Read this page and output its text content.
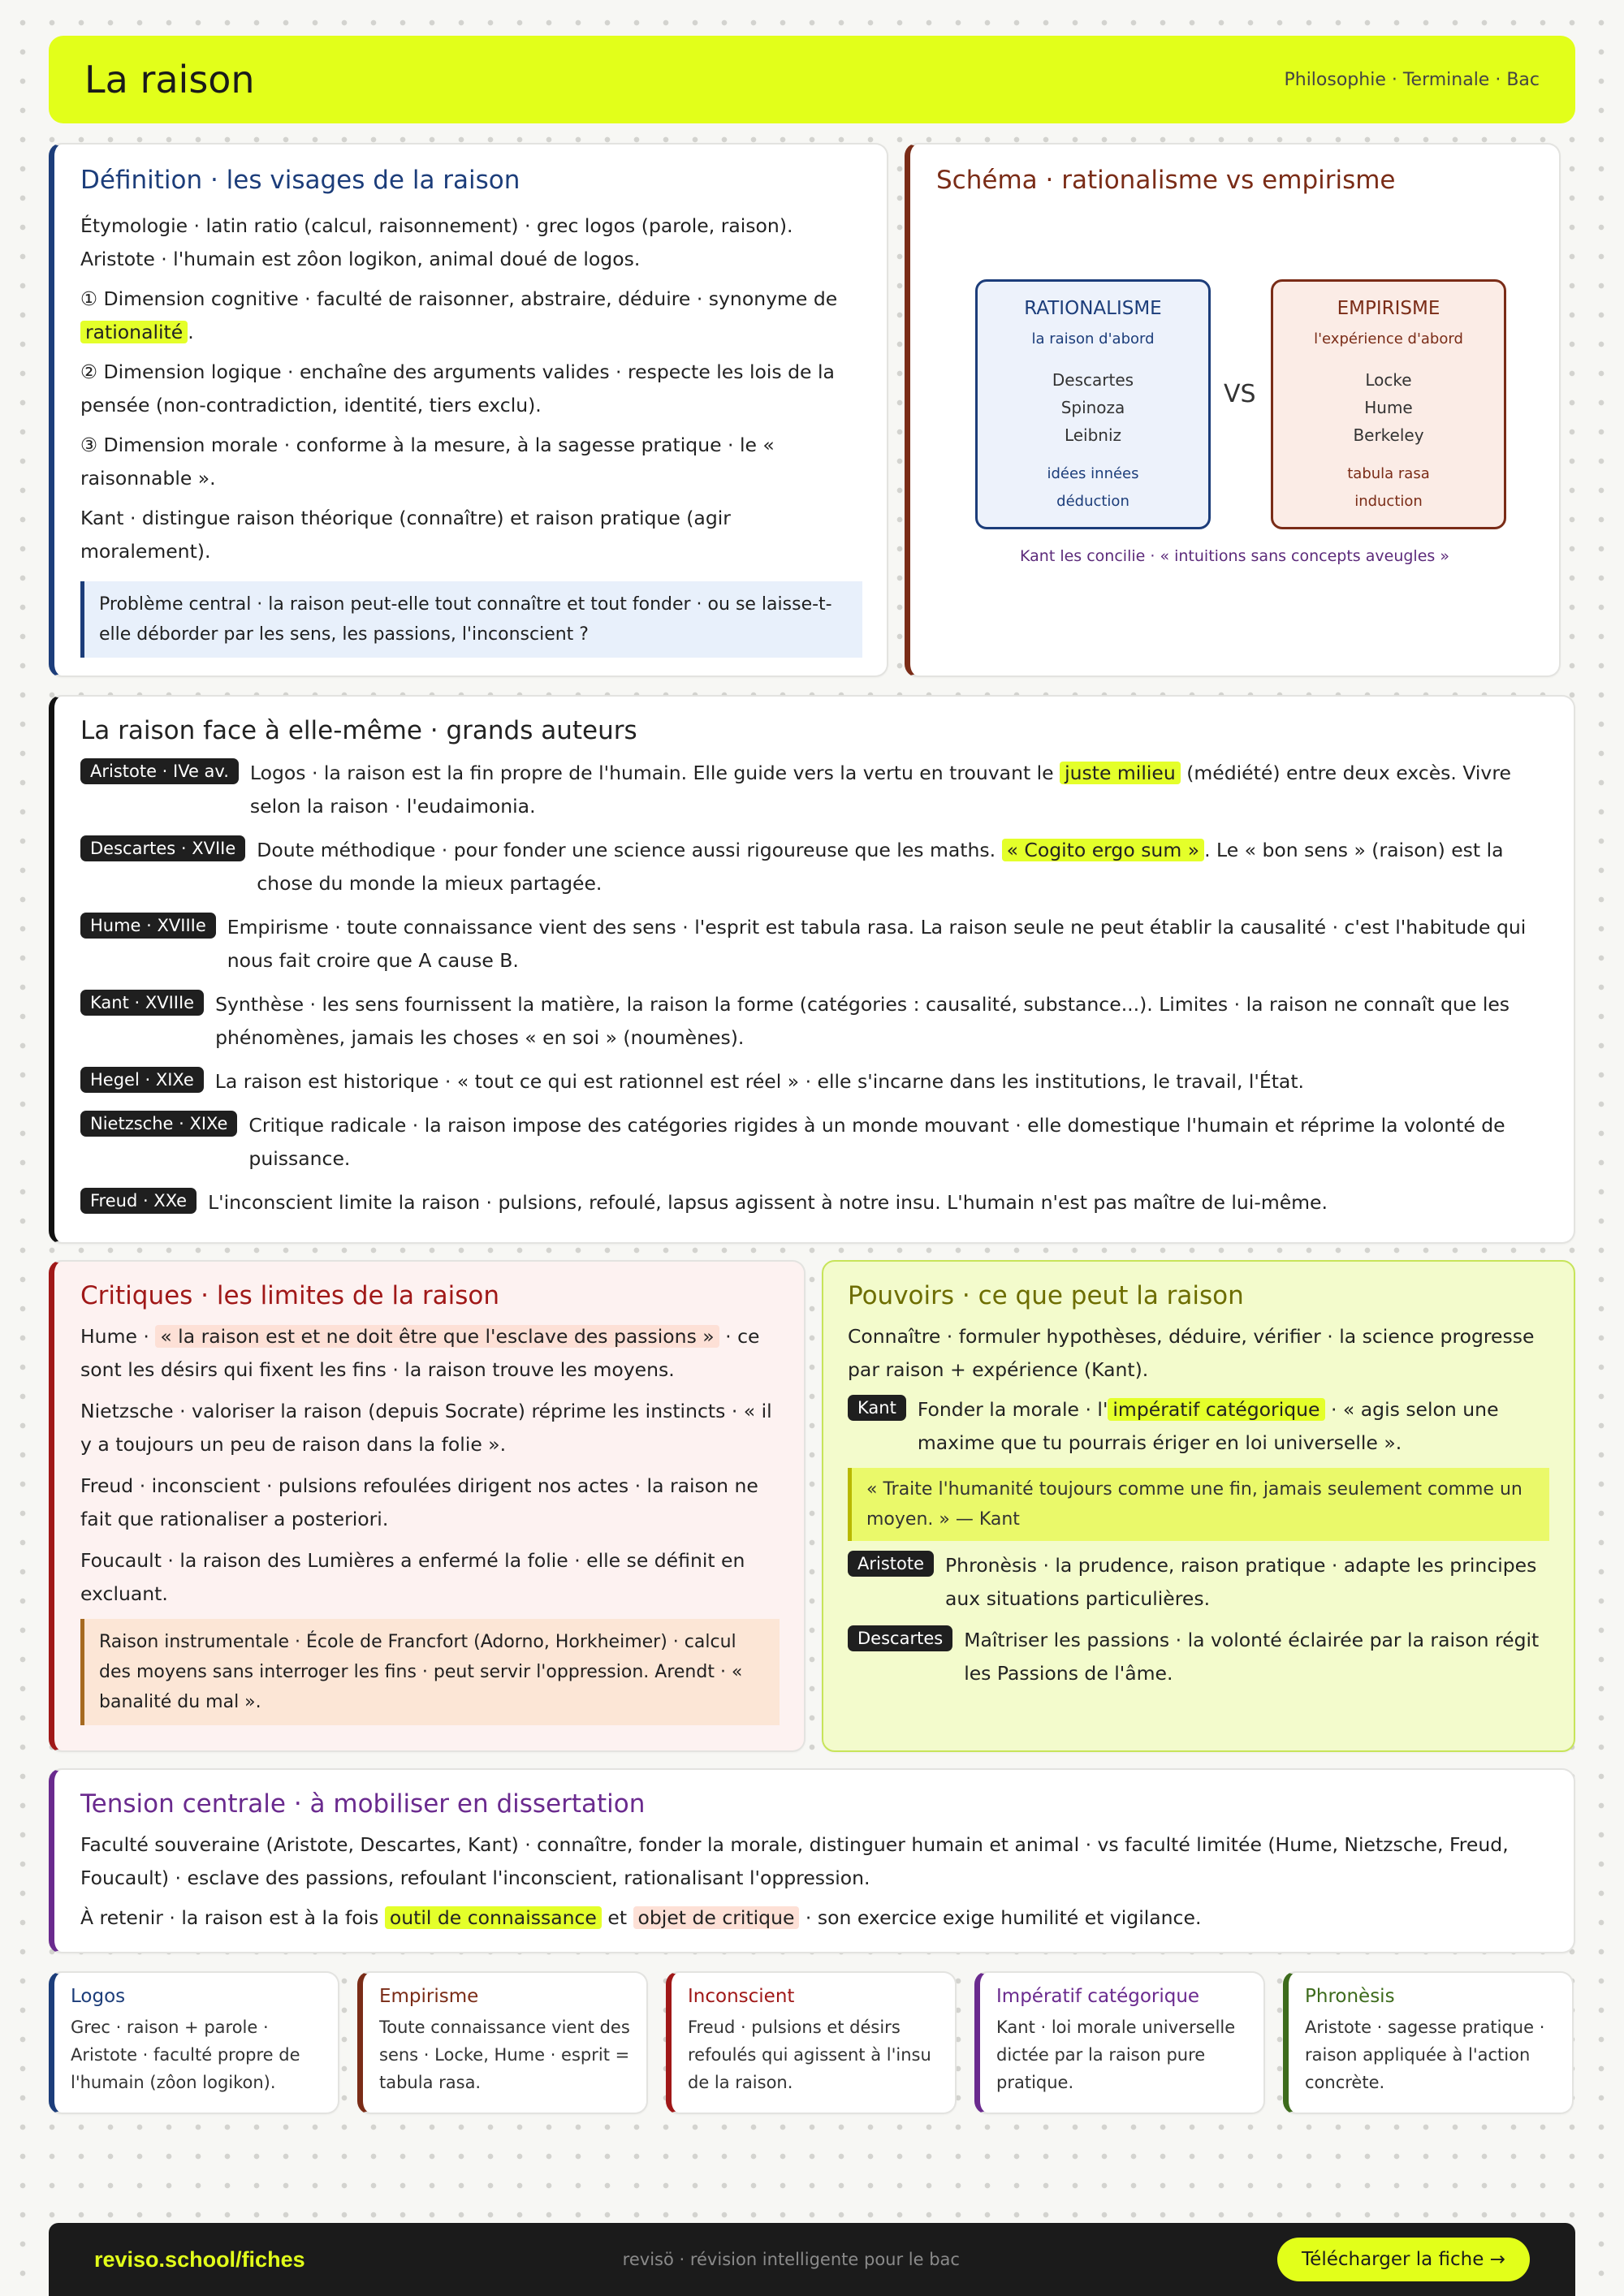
La raison	Philosophie · Terminale · Bac
Définition · les visages de la raison

Étymologie · latin ratio (calcul, raisonnement) · grec logos (parole, raison).

Aristote · l'humain est zôon logikon, animal doué de logos.

① Dimension cognitive · faculté de raisonner, abstraire, déduire · synonyme de rationalité .

② Dimension logique · enchaîne des arguments valides · respecte les lois de la pensée (non-contradiction, identité, tiers exclu).

③ Dimension morale · conforme à la mesure, à la sagesse pratique · le « raisonnable ».

Kant · distingue raison théorique (connaître) et raison pratique (agir moralement).

Problème central · la raison peut-elle tout connaître et tout fonder · ou se laisse-t-elle déborder par les sens, les passions, l'inconscient ?
Schéma · rationalisme vs empirisme
RATIONALISME
la raison d'abord
Descartes
Spinoza
Leibniz
idées innées
déduction
VS
EMPIRISME
l'expérience d'abord
Locke
Hume
Berkeley
tabula rasa
induction
Kant les concilie · « intuitions sans concepts aveugles »
La raison face à elle-même · grands auteurs
Aristote · IVe av.	Logos · la raison est la fin propre de l'humain. Elle guide vers la vertu en trouvant le juste milieu (médiété) entre deux excès. Vivre selon la raison · l'eudaimonia.
Descartes · XVIIe	Doute méthodique · pour fonder une science aussi rigoureuse que les maths. « Cogito ergo sum » . Le « bon sens » (raison) est la chose du monde la mieux partagée.
Hume · XVIIIe	Empirisme · toute connaissance vient des sens · l'esprit est tabula rasa. La raison seule ne peut établir la causalité · c'est l'habitude qui nous fait croire que A cause B.
Kant · XVIIIe	Synthèse · les sens fournissent la matière, la raison la forme (catégories : causalité, substance...). Limites · la raison ne connaît que les phénomènes, jamais les choses « en soi » (noumènes).
Hegel · XIXe	La raison est historique · « tout ce qui est rationnel est réel » · elle s'incarne dans les institutions, le travail, l'État.
Nietzsche · XIXe	Critique radicale · la raison impose des catégories rigides à un monde mouvant · elle domestique l'humain et réprime la volonté de puissance.
Freud · XXe	L'inconscient limite la raison · pulsions, refoulé, lapsus agissent à notre insu. L'humain n'est pas maître de lui-même.
Critiques · les limites de la raison

Hume · « la raison est et ne doit être que l'esclave des passions » · ce sont les désirs qui fixent les fins · la raison trouve les moyens.

Nietzsche · valoriser la raison (depuis Socrate) réprime les instincts · « il y a toujours un peu de raison dans la folie ».

Freud · inconscient · pulsions refoulées dirigent nos actes · la raison ne fait que rationaliser a posteriori.

Foucault · la raison des Lumières a enfermé la folie · elle se définit en excluant.

Raison instrumentale · École de Francfort (Adorno, Horkheimer) · calcul des moyens sans interroger les fins · peut servir l'oppression. Arendt · « banalité du mal ».
Pouvoirs · ce que peut la raison
Connaître · formuler hypothèses, déduire, vérifier · la science progresse par raison + expérience (Kant).
Kant	Fonder la morale · l' impératif catégorique · « agis selon une maxime que tu pourrais ériger en loi universelle ».
« Traite l'humanité toujours comme une fin, jamais seulement comme un moyen. » — Kant
Aristote	Phronèsis · la prudence, raison pratique · adapte les principes aux situations particulières.
Descartes	Maîtriser les passions · la volonté éclairée par la raison régit les Passions de l'âme.
Tension centrale · à mobiliser en dissertation

Faculté souveraine (Aristote, Descartes, Kant) · connaître, fonder la morale, distinguer humain et animal · vs faculté limitée (Hume, Nietzsche, Freud, Foucault) · esclave des passions, refoulant l'inconscient, rationalisant l'oppression.

À retenir · la raison est à la fois outil de connaissance et objet de critique · son exercice exige humilité et vigilance.

Logos
Grec · raison + parole · Aristote · faculté propre de l'humain (zôon logikon).
Empirisme
Toute connaissance vient des sens · Locke, Hume · esprit = tabula rasa.
Inconscient
Freud · pulsions et désirs refoulés qui agissent à l'insu de la raison.
Impératif catégorique
Kant · loi morale universelle dictée par la raison pure pratique.
Phronèsis
Aristote · sagesse pratique · raison appliquée à l'action concrète.
reviso.school/fiches	revisö · révision intelligente pour le bac	Télécharger la fiche →
